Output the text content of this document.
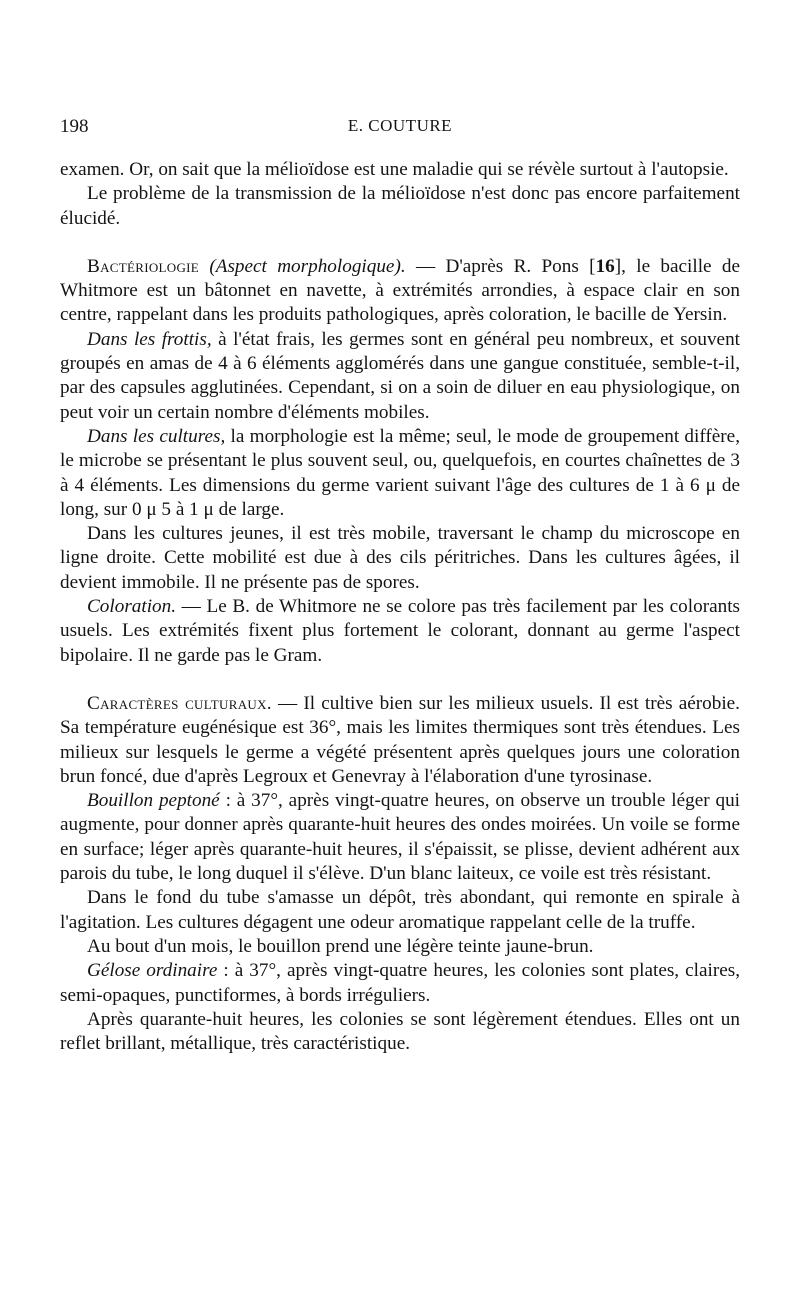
198	E. COUTURE

examen. Or, on sait que la mélioïdose est une maladie qui se révèle surtout à l'autopsie.

Le problème de la transmission de la mélioïdose n'est donc pas encore parfaitement élucidé.

Bactériologie (Aspect morphologique). — D'après R. Pons [16], le bacille de Whitmore est un bâtonnet en navette, à extrémités arrondies, à espace clair en son centre, rappelant dans les produits pathologiques, après coloration, le bacille de Yersin.

Dans les frottis, à l'état frais, les germes sont en général peu nombreux, et souvent groupés en amas de 4 à 6 éléments agglomérés dans une gangue constituée, semble-t-il, par des capsules agglutinées. Cependant, si on a soin de diluer en eau physiologique, on peut voir un certain nombre d'éléments mobiles.

Dans les cultures, la morphologie est la même; seul, le mode de groupement diffère, le microbe se présentant le plus souvent seul, ou, quelquefois, en courtes chaînettes de 3 à 4 éléments. Les dimensions du germe varient suivant l'âge des cultures de 1 à 6 μ de long, sur 0 μ 5 à 1 μ de large.

Dans les cultures jeunes, il est très mobile, traversant le champ du microscope en ligne droite. Cette mobilité est due à des cils péritriches. Dans les cultures âgées, il devient immobile. Il ne présente pas de spores.

Coloration. — Le B. de Whitmore ne se colore pas très facilement par les colorants usuels. Les extrémités fixent plus fortement le colorant, donnant au germe l'aspect bipolaire. Il ne garde pas le Gram.

Caractères culturaux. — Il cultive bien sur les milieux usuels. Il est très aérobie. Sa température eugénésique est 36°, mais les limites thermiques sont très étendues. Les milieux sur lesquels le germe a végété présentent après quelques jours une coloration brun foncé, due d'après Legroux et Genevray à l'élaboration d'une tyrosinase.

Bouillon peptoné : à 37°, après vingt-quatre heures, on observe un trouble léger qui augmente, pour donner après quarante-huit heures des ondes moirées. Un voile se forme en surface; léger après quarante-huit heures, il s'épaissit, se plisse, devient adhérent aux parois du tube, le long duquel il s'élève. D'un blanc laiteux, ce voile est très résistant.

Dans le fond du tube s'amasse un dépôt, très abondant, qui remonte en spirale à l'agitation. Les cultures dégagent une odeur aromatique rappelant celle de la truffe.

Au bout d'un mois, le bouillon prend une légère teinte jaune-brun.

Gélose ordinaire : à 37°, après vingt-quatre heures, les colonies sont plates, claires, semi-opaques, punctiformes, à bords irréguliers.

Après quarante-huit heures, les colonies se sont légèrement étendues. Elles ont un reflet brillant, métallique, très caractéristique.
